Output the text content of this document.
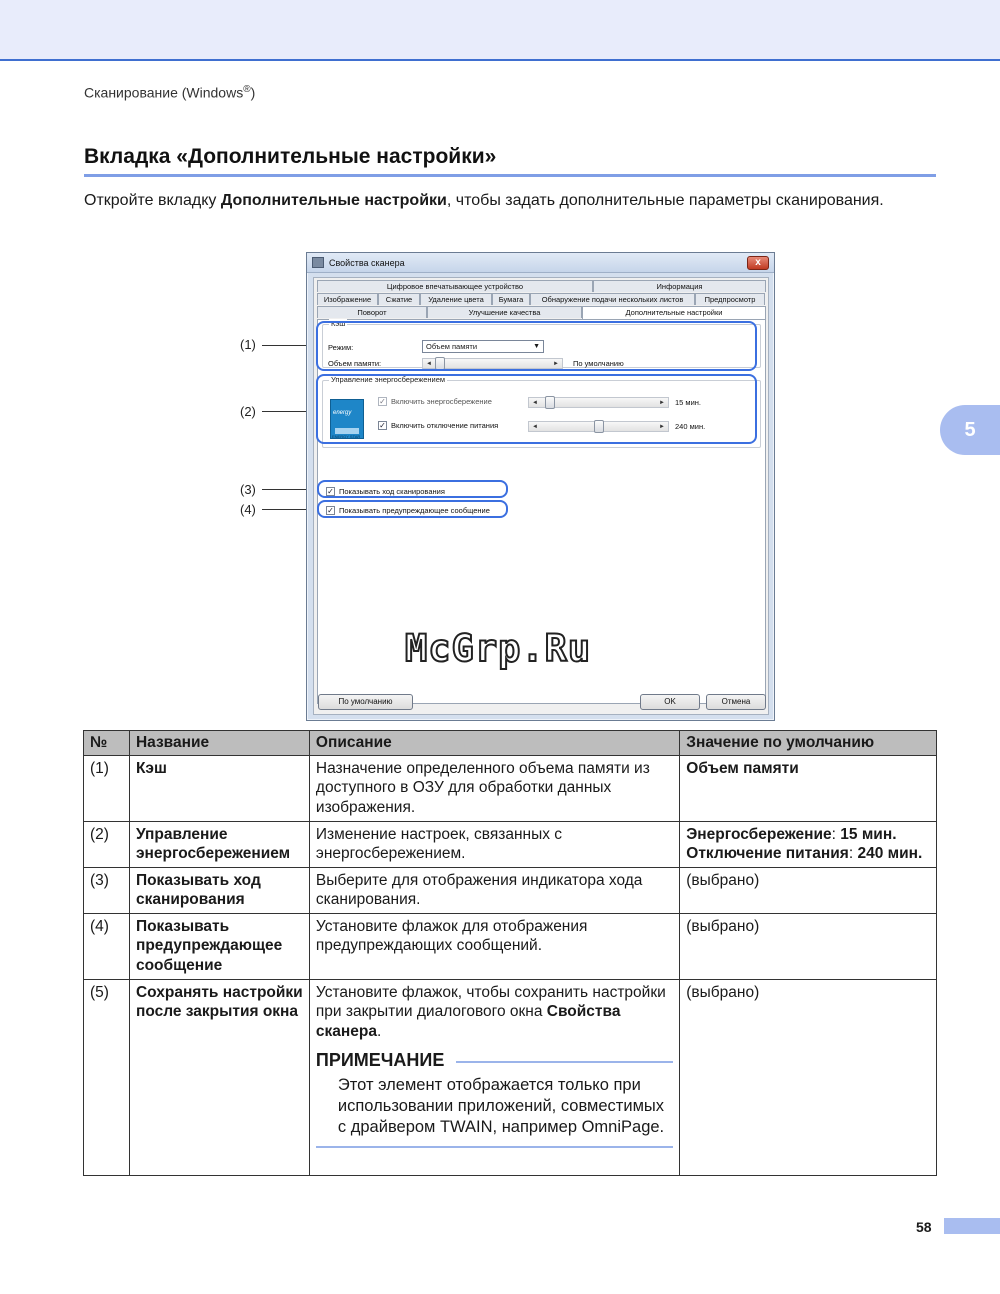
Сканирование (Windows®)
Вкладка «Дополнительные настройки»
Откройте вкладку Дополнительные настройки, чтобы задать дополнительные параметры сканирования.
5
(1)
(2)
(3)
(4)
Свойства сканера	x
Цифровое впечатывающее устройство	Информация
Изображение	Сжатие	Удаление цвета	Бумага	Обнаружение подачи нескольких листов	Предпросмотр
Поворот	Улучшение качества	Дополнительные настройки
Кэш
Режим:	Объем памяти	▼
Объем памяти:	◄	► По умолчанию
Управление энергосбережением
energy
ENERGY STAR
✓ Включить энергосбережение	◄	► 15 мин.
✓ Включить отключение питания	◄	► 240 мин.
✓ Показывать ход сканирования
✓ Показывать предупреждающее сообщение
По умолчанию	OK	Отмена
McGrp.Ru
№	Название	Описание	Значение по умолчанию
(1)	Кэш	Назначение определенного объема памяти из доступного в ОЗУ для обработки данных изображения.	Объем памяти
(2)	Управление энергосбережением	Изменение настроек, связанных с энергосбережением.	Энергосбережение: 15 мин.
Отключение питания: 240 мин.
(3)	Показывать ход сканирования	Выберите для отображения индикатора хода сканирования.	(выбрано)
(4)	Показывать предупреждающее сообщение	Установите флажок для отображения предупреждающих сообщений.	(выбрано)
(5)	Сохранять настройки после закрытия окна	Установите флажок, чтобы сохранить настройки при закрытии диалогового окна Свойства сканера.
ПРИМЕЧАНИЕ
Этот элемент отображается только при использовании приложений, совместимых с драйвером TWAIN, например OmniPage.	(выбрано)
58
